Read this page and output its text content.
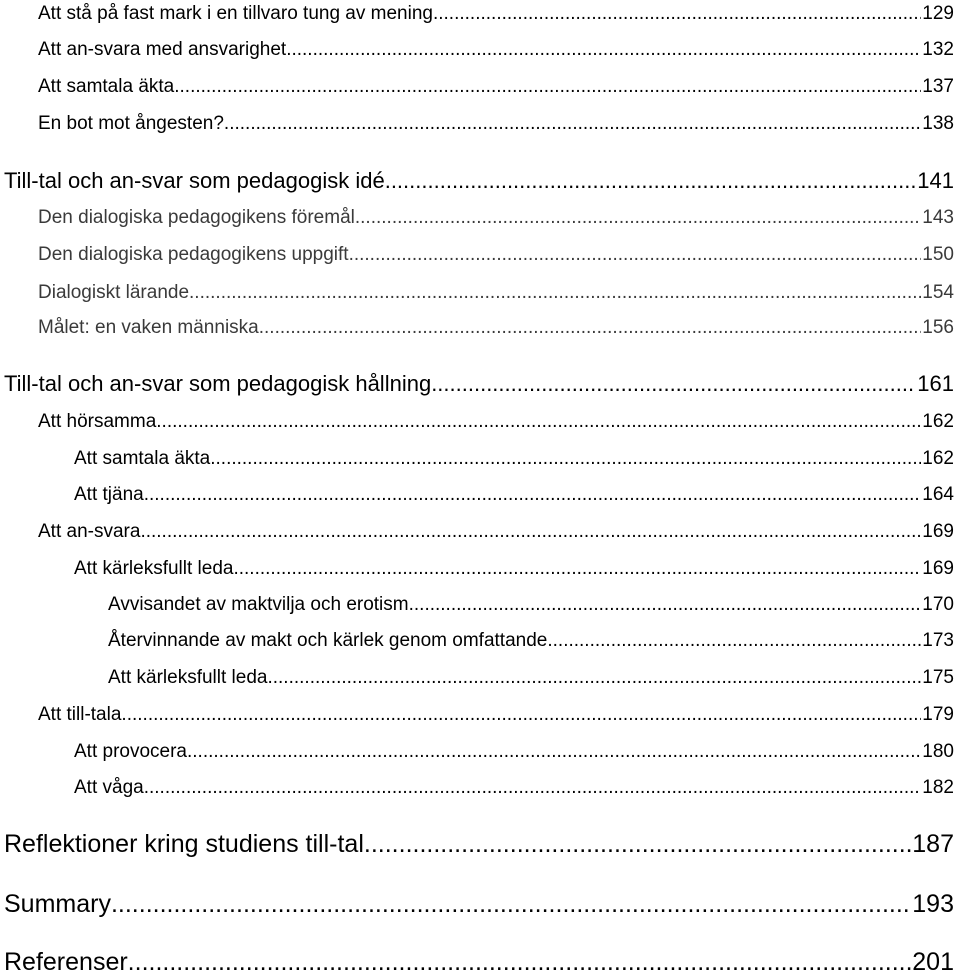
Att stå på fast mark i en tillvaro tung av mening .....	129
Att an-svara med ansvarighet .....	132
Att samtala äkta .....	137
En bot mot ångesten? .....	138
Till-tal och an-svar som pedagogisk idé .....	141
Den dialogiska pedagogikens föremål .....	143
Den dialogiska pedagogikens uppgift .....	150
Dialogiskt lärande .....	154
Målet: en vaken människa .....	156
Till-tal och an-svar som pedagogisk hållning .....	161
Att hörsamma .....	162
Att samtala äkta .....	162
Att tjäna .....	164
Att an-svara .....	169
Att kärleksfullt leda .....	169
Avvisandet av maktvilja och erotism .....	170
Återvinnande av makt och kärlek genom omfattande .....	173
Att kärleksfullt leda .....	175
Att till-tala .....	179
Att provocera .....	180
Att våga .....	182
Reflektioner kring studiens till-tal .....	187
Summary .....	193
Referenser .....	201
